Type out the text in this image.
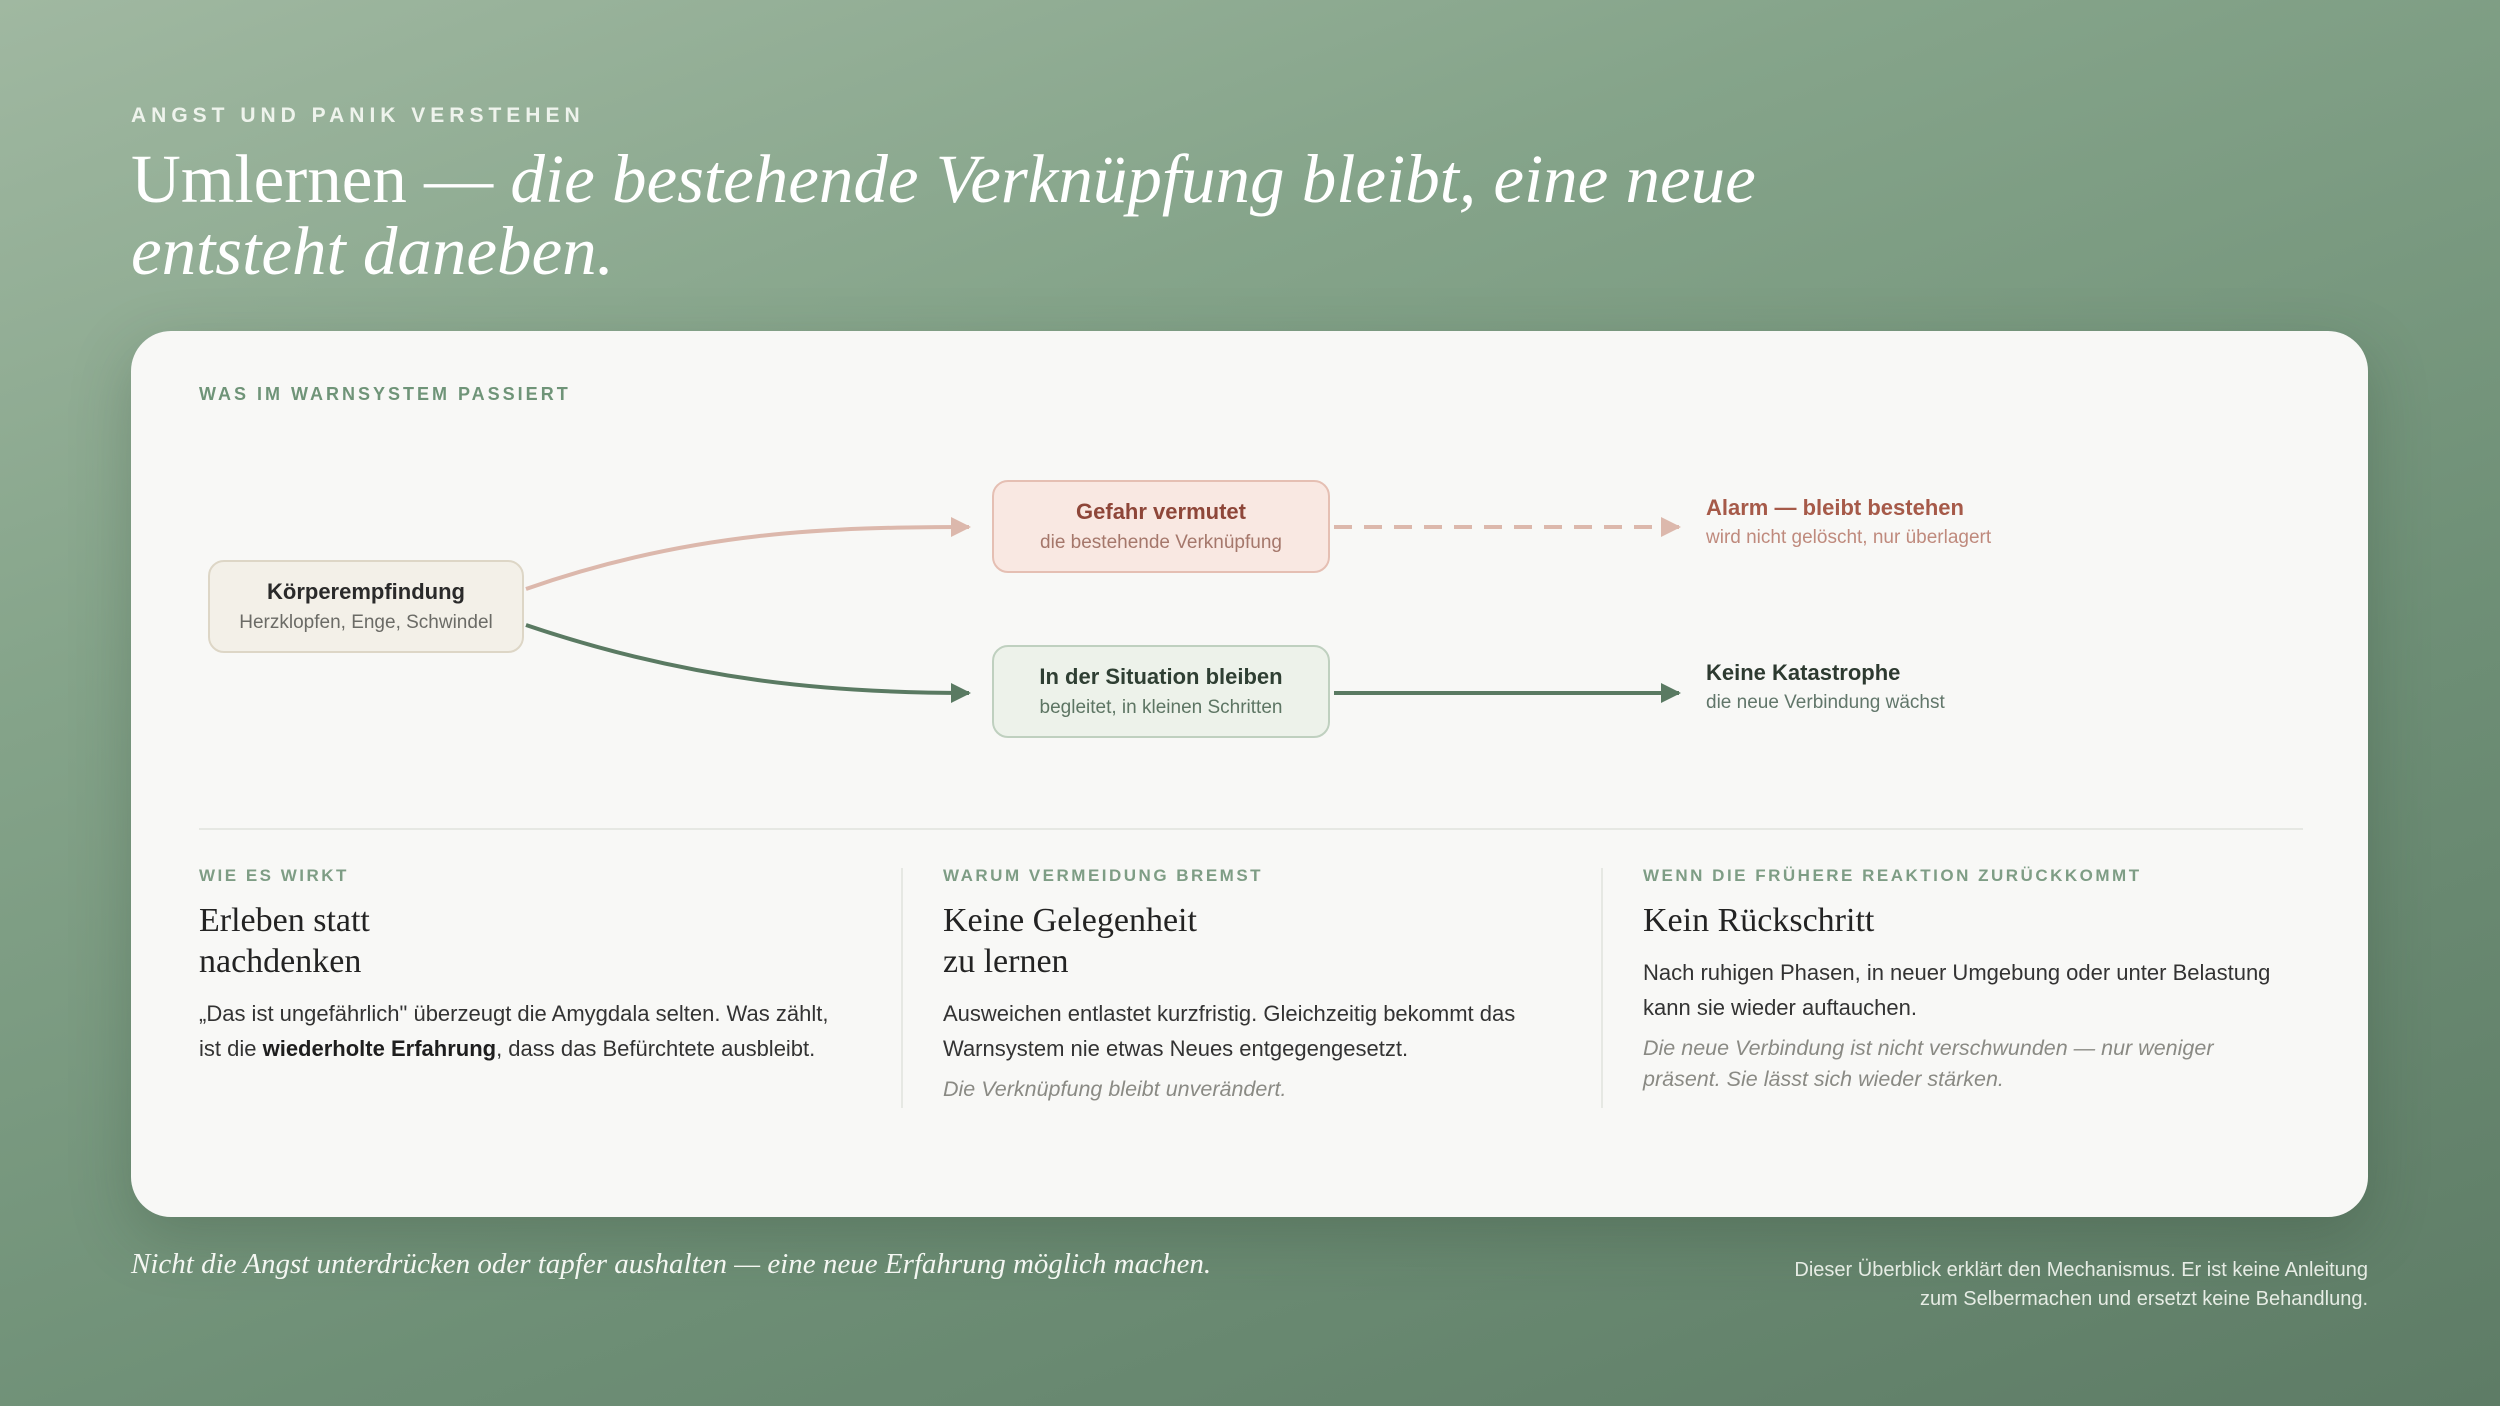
ANGST UND PANIK VERSTEHEN
Umlernen — die bestehende Verknüpfung bleibt, eine neue entsteht daneben.
WAS IM WARNSYSTEM PASSIERT
Körperempfindung
Herzklopfen, Enge, Schwindel
Gefahr vermutet
die bestehende Verknüpfung
In der Situation bleiben
begleitet, in kleinen Schritten
Alarm — bleibt bestehen
wird nicht gelöscht, nur überlagert
Keine Katastrophe
die neue Verbindung wächst
WIE ES WIRKT
Erleben statt
nachdenken

„Das ist ungefährlich" überzeugt die Amygdala selten. Was zählt, ist die wiederholte Erfahrung, dass das Befürchtete ausbleibt.

WARUM VERMEIDUNG BREMST
Keine Gelegenheit
zu lernen

Ausweichen entlastet kurzfristig. Gleichzeitig bekommt das Warnsystem nie etwas Neues entgegengesetzt.

Die Verknüpfung bleibt unverändert.

WENN DIE FRÜHERE REAKTION ZURÜCKKOMMT
Kein Rückschritt

Nach ruhigen Phasen, in neuer Umgebung oder unter Belastung kann sie wieder auftauchen.

Die neue Verbindung ist nicht verschwunden — nur weniger präsent. Sie lässt sich wieder stärken.

Nicht die Angst unterdrücken oder tapfer aushalten — eine neue Erfahrung möglich machen.	Dieser Überblick erklärt den Mechanismus. Er ist keine Anleitung
zum Selbermachen und ersetzt keine Behandlung.
